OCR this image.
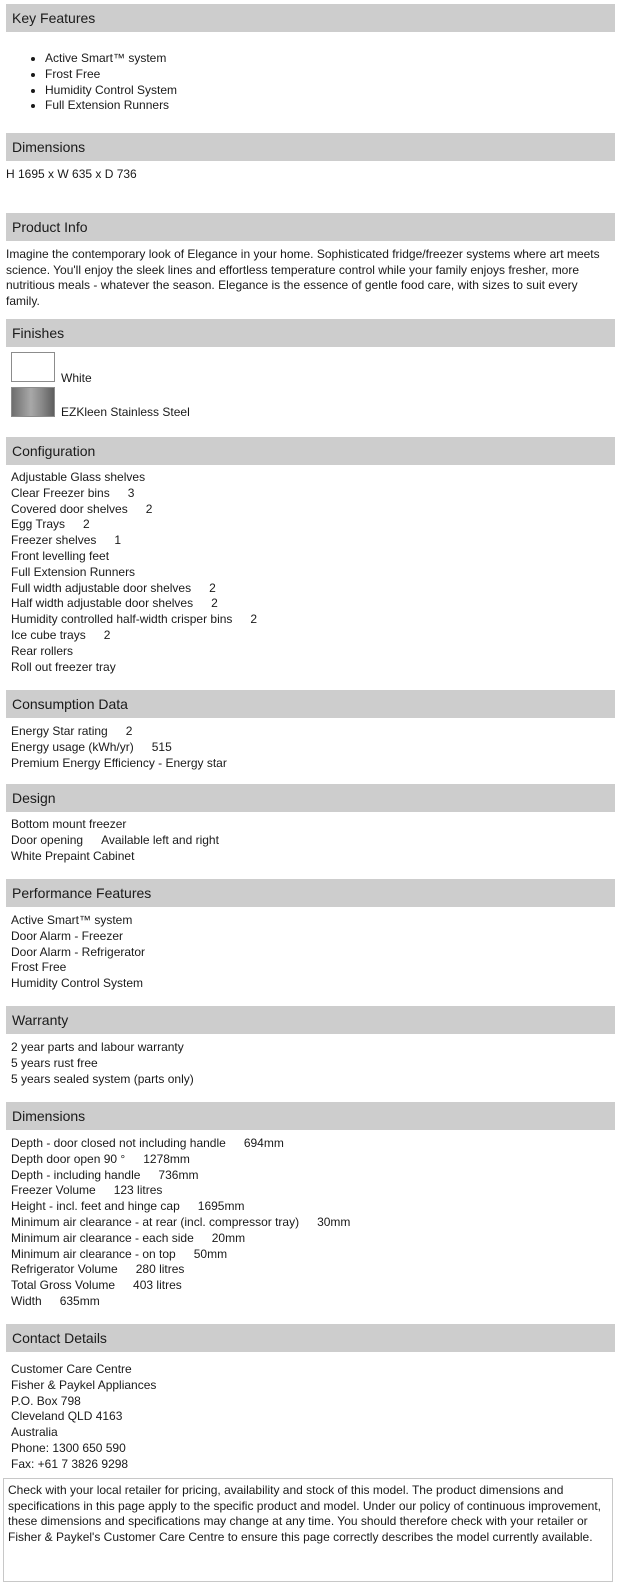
Key Features
• Active Smart™ system
• Frost Free
• Humidity Control System
• Full Extension Runners
Dimensions
H 1695 x W 635 x D 736
Product Info
Imagine the contemporary look of Elegance in your home. Sophisticated fridge/freezer systems where art meets science. You'll enjoy the sleek lines and effortless temperature control while your family enjoys fresher, more nutritious meals - whatever the season. Elegance is the essence of gentle food care, with sizes to suit every family.
Finishes
White
EZKleen Stainless Steel
Configuration
Adjustable Glass shelves
Clear Freezer bins 3
Covered door shelves 2
Egg Trays 2
Freezer shelves 1
Front levelling feet
Full Extension Runners
Full width adjustable door shelves 2
Half width adjustable door shelves 2
Humidity controlled half-width crisper bins 2
Ice cube trays 2
Rear rollers
Roll out freezer tray
Consumption Data
Energy Star rating 2
Energy usage (kWh/yr) 515
Premium Energy Efficiency - Energy star
Design
Bottom mount freezer
Door opening Available left and right
White Prepaint Cabinet
Performance Features
Active Smart™ system
Door Alarm - Freezer
Door Alarm - Refrigerator
Frost Free
Humidity Control System
Warranty
2 year parts and labour warranty
5 years rust free
5 years sealed system (parts only)
Dimensions
Depth - door closed not including handle 694mm
Depth door open 90 ° 1278mm
Depth - including handle 736mm
Freezer Volume 123 litres
Height - incl. feet and hinge cap 1695mm
Minimum air clearance - at rear (incl. compressor tray) 30mm
Minimum air clearance - each side 20mm
Minimum air clearance - on top 50mm
Refrigerator Volume 280 litres
Total Gross Volume 403 litres
Width 635mm
Contact Details
Customer Care Centre
Fisher & Paykel Appliances
P.O. Box 798
Cleveland QLD 4163
Australia
Phone: 1300 650 590
Fax: +61 7 3826 9298
Check with your local retailer for pricing, availability and stock of this model. The product dimensions and specifications in this page apply to the specific product and model. Under our policy of continuous improvement, these dimensions and specifications may change at any time. You should therefore check with your retailer or Fisher & Paykel's Customer Care Centre to ensure this page correctly describes the model currently available.
